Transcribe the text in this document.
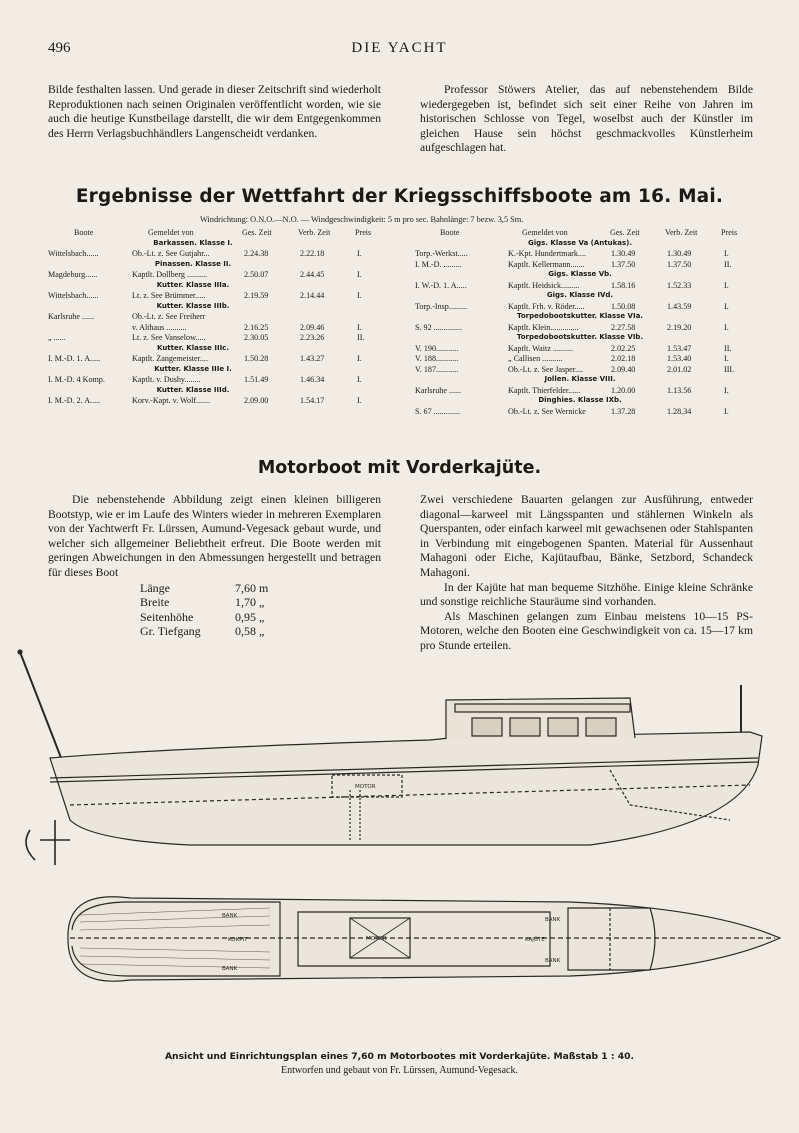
496	DIE YACHT

Bilde festhalten lassen. Und gerade in dieser Zeitschrift sind wiederholt Reproduktionen nach seinen Originalen veröffentlicht worden, wie sie auch die heutige Kunstbeilage darstellt, die wir dem Entgegenkommen des Herrn Verlagsbuchhändlers Langenscheidt verdanken.

Professor Stöwers Atelier, das auf nebenstehendem Bilde wiedergegeben ist, befindet sich seit einer Reihe von Jahren im historischen Schlosse von Tegel, woselbst auch der Künstler im gleichen Hause sein höchst geschmackvolles Künstlerheim aufgeschlagen hat.

Ergebnisse der Wettfahrt der Kriegsschiffsboote am 16. Mai.
Windrichtung: O.N.O.—N.O. — Windgeschwindigkeit: 5 m pro sec. Bahnlänge: 7 bezw. 3,5 Sm.
Boote	Gemeldet von	Ges. Zeit	Verb. Zeit	Preis
Barkassen. Klasse I.
Wittelsbach......	Ob.-Lt. z. See Gutjahr...	2.24.38	2.22.18	I.
Pinassen. Klasse II.
Magdeburg......	Kaptlt. Dollberg ..........	2.50.07	2.44.45	I.
Kutter. Klasse IIIa.
Wittelsbach......	Lt. z. See Brümmer.....	2.19.59	2.14.44	I.
Kutter. Klasse IIIb.
Karlsruhe ......	Ob.-Lt. z. See Freiherr
v. Althaus ..........	2.16.25	2.09.46	I.
„ ......	Lt. z. See Vanselow.....	2.30.05	2.23.26	II.
Kutter. Klasse IIIc.
I. M.-D. 1. A.....	Kaptlt. Zangemeister....	1.50.28	1.43.27	I.
Kutter. Klasse IIIe I.
I. M.-D. 4 Komp.	Kaptlt. v. Dushy........	1.51.49	1.46.34	I.
Kutter. Klasse IIId.
I. M.-D. 2. A.....	Korv.-Kapt. v. Wolf.......	2.09.00	1.54.17	I.
Boote	Gemeldet von	Ges. Zeit	Verb. Zeit	Preis
Gigs. Klasse Va (Antukas).
Torp.-Werkst.....	K.-Kpt. Hundertmark....	1.30.49	1.30.49	I.
I. M.-D. .........	Kaptlt. Kellermann.......	1.37.50	1.37.50	II.
Gigs. Klasse Vb.
I. W.-D. 1. A.....	Kaptlt. Heidsick.........	1.58.16	1.52.33	I.
Gigs. Klasse IVd.
Torp.-Insp.........	Kaptlt. Frh. v. Röder.....	1.50.08	1.43.59	I.
Torpedobootskutter. Klasse VIa.
S. 92 ..............	Kaptlt. Klein..............	2.27.58	2.19.20	I.
Torpedobootskutter. Klasse VIb.
V. 190...........	Kaptlt. Waitz ..........	2.02.25	1.53.47	II.
V. 188...........	„ Callisen ..........	2.02.18	1.53.40	I.
V. 187...........	Ob.-Lt. z. See Jasper....	2.09.40	2.01.02	III.
Jollen. Klasse VIII.
Karlsruhe ......	Kaptlt. Thierfelder......	1.20.00	1.13.56	I.
Dinghies. Klasse IXb.
S. 67 .............	Ob.-Lt. z. See Wernicke	1.37.28	1.28.34	I.
Motorboot mit Vorderkajüte.

Die nebenstehende Abbildung zeigt einen kleinen billigeren Bootstyp, wie er im Laufe des Winters wieder in mehreren Exemplaren von der Yachtwerft Fr. Lürssen, Aumund-Vegesack gebaut wurde, und welcher sich allgemeiner Beliebtheit erfreut. Die Boote werden mit geringen Abweichungen in den Abmessungen hergestellt und betragen für dieses Boot

Länge	7,60 m
Breite	1,70 „
Seitenhöhe	0,95 „
Gr. Tiefgang	0,58 „

Zwei verschiedene Bauarten gelangen zur Ausführung, entweder diagonal—karweel mit Längsspanten und stählernen Winkeln als Querspanten, oder einfach karweel mit gewachsenen oder Stahlspanten in Verbindung mit eingebogenen Spanten. Material für Aussenhaut Mahagoni oder Eiche, Kajütaufbau, Bänke, Setzbord, Schandeck Mahagoni.

In der Kajüte hat man bequeme Sitzhöhe. Einige kleine Schränke und sonstige reichliche Stauräume sind vorhanden.

Als Maschinen gelangen zum Einbau meistens 10—15 PS-Motoren, welche den Booten eine Geschwindigkeit von ca. 15—17 km pro Stunde erteilen.

MOTOR
BANK
BANK
KOKPIT	MOTOR
BANK
KAJÜTE
BANK
Ansicht und Einrichtungsplan eines 7,60 m Motorbootes mit Vorderkajüte. Maßstab 1 : 40.
Entworfen und gebaut von Fr. Lürssen, Aumund-Vegesack.
